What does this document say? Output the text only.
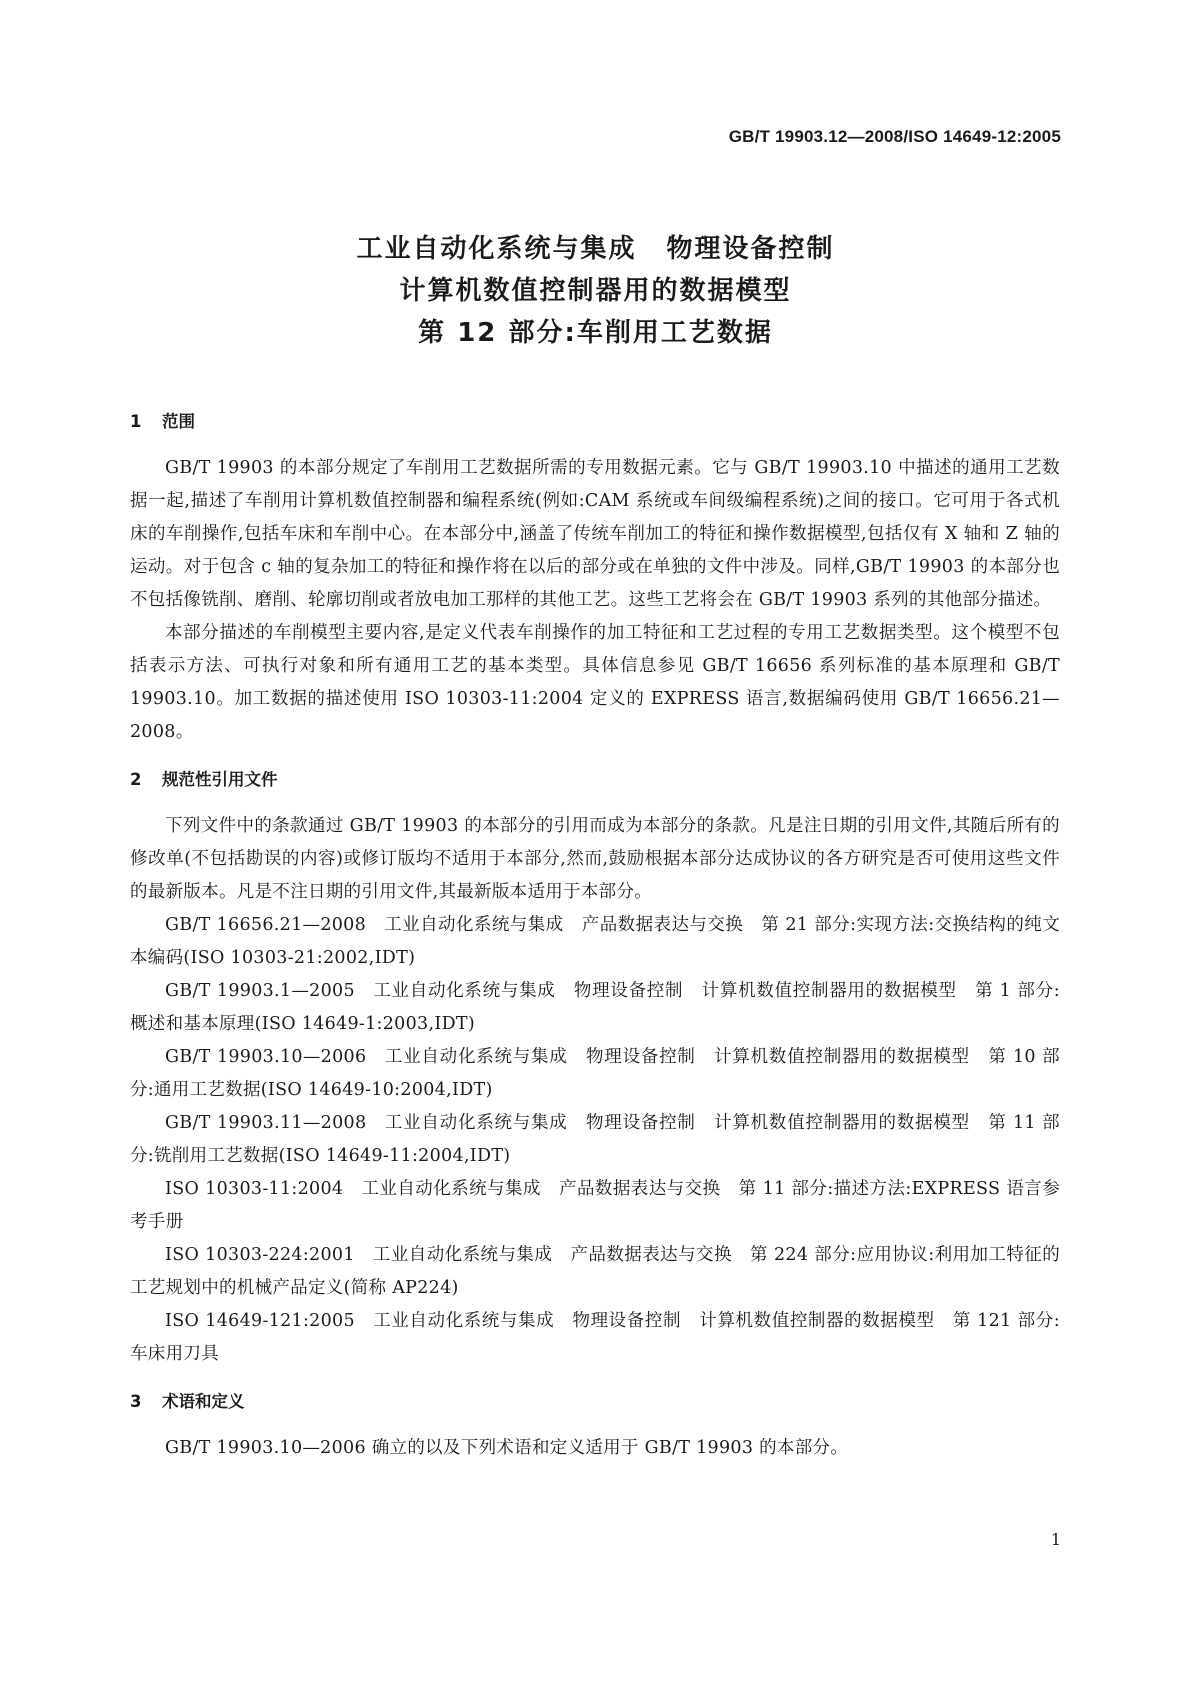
GB/T 19903.12—2008/ISO 14649-12:2005
工业自动化系统与集成 物理设备控制
计算机数值控制器用的数据模型
第 12 部分:车削用工艺数据
1 范围

GB/T 19903 的本部分规定了车削用工艺数据所需的专用数据元素。它与 GB/T 19903.10 中描述的通用工艺数据一起,描述了车削用计算机数值控制器和编程系统(例如:CAM 系统或车间级编程系统)之间的接口。它可用于各式机床的车削操作,包括车床和车削中心。在本部分中,涵盖了传统车削加工的特征和操作数据模型,包括仅有 X 轴和 Z 轴的运动。对于包含 c 轴的复杂加工的特征和操作将在以后的部分或在单独的文件中涉及。同样,GB/T 19903 的本部分也不包括像铣削、磨削、轮廓切削或者放电加工那样的其他工艺。这些工艺将会在 GB/T 19903 系列的其他部分描述。

本部分描述的车削模型主要内容,是定义代表车削操作的加工特征和工艺过程的专用工艺数据类型。这个模型不包括表示方法、可执行对象和所有通用工艺的基本类型。具体信息参见 GB/T 16656 系列标准的基本原理和 GB/T 19903.10。加工数据的描述使用 ISO 10303-11:2004 定义的 EXPRESS 语言,数据编码使用 GB/T 16656.21—2008。

2 规范性引用文件

下列文件中的条款通过 GB/T 19903 的本部分的引用而成为本部分的条款。凡是注日期的引用文件,其随后所有的修改单(不包括勘误的内容)或修订版均不适用于本部分,然而,鼓励根据本部分达成协议的各方研究是否可使用这些文件的最新版本。凡是不注日期的引用文件,其最新版本适用于本部分。

GB/T 16656.21—2008 工业自动化系统与集成 产品数据表达与交换 第 21 部分:实现方法:交换结构的纯文本编码(ISO 10303-21:2002,IDT)

GB/T 19903.1—2005 工业自动化系统与集成 物理设备控制 计算机数值控制器用的数据模型 第 1 部分:概述和基本原理(ISO 14649-1:2003,IDT)

GB/T 19903.10—2006 工业自动化系统与集成 物理设备控制 计算机数值控制器用的数据模型 第 10 部分:通用工艺数据(ISO 14649-10:2004,IDT)

GB/T 19903.11—2008 工业自动化系统与集成 物理设备控制 计算机数值控制器用的数据模型 第 11 部分:铣削用工艺数据(ISO 14649-11:2004,IDT)

ISO 10303-11:2004 工业自动化系统与集成 产品数据表达与交换 第 11 部分:描述方法:EXPRESS 语言参考手册

ISO 10303-224:2001 工业自动化系统与集成 产品数据表达与交换 第 224 部分:应用协议:利用加工特征的工艺规划中的机械产品定义(简称 AP224)

ISO 14649-121:2005 工业自动化系统与集成 物理设备控制 计算机数值控制器的数据模型 第 121 部分:车床用刀具

3 术语和定义

GB/T 19903.10—2006 确立的以及下列术语和定义适用于 GB/T 19903 的本部分。

1
